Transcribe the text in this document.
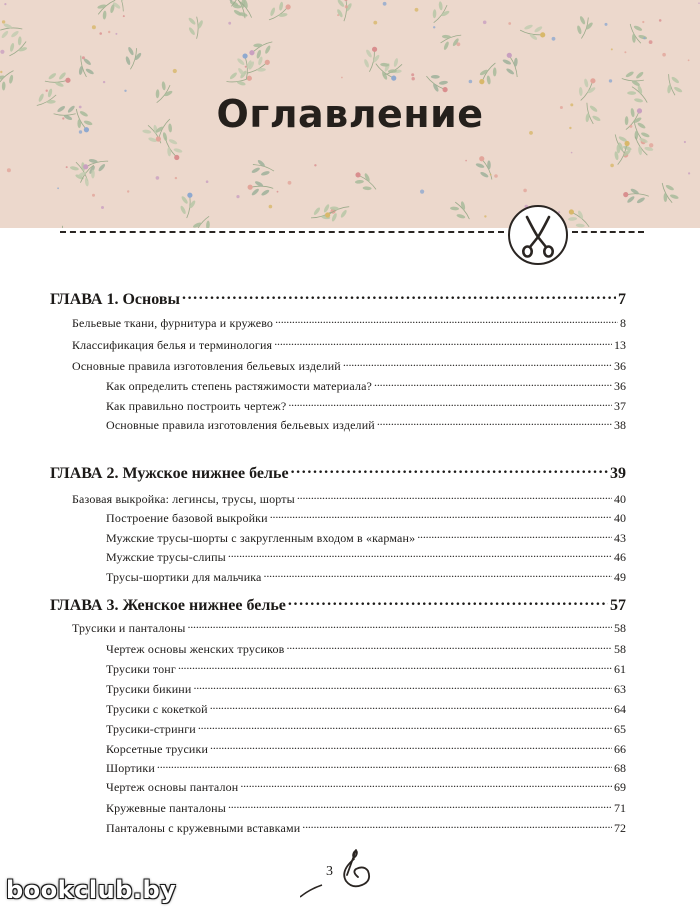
Оглавление
ГЛАВА 1. Основы . . .	7
Бельевые ткани, фурнитура и кружево . . .	8
Классификация белья и терминология . . .	13
Основные правила изготовления бельевых изделий . . .	36
Как определить степень растяжимости материала? . . .	36
Как правильно построить чертеж? . . .	37
Основные правила изготовления бельевых изделий . . .	38
ГЛАВА 2. Мужское нижнее белье . . .	39
Базовая выкройка: легинсы, трусы, шорты . . .	40
Построение базовой выкройки . . .	40
Мужские трусы-шорты с закругленным входом в «карман» . . .	43
Мужские трусы-слипы . . .	46
Трусы-шортики для мальчика . . .	49
ГЛАВА 3. Женское нижнее белье . . .	57
Трусики и панталоны . . .	58
Чертеж основы женских трусиков . . .	58
Трусики тонг . . .	61
Трусики бикини . . .	63
Трусики с кокеткой . . .	64
Трусики-стринги . . .	65
Корсетные трусики . . .	66
Шортики . . .	68
Чертеж основы панталон . . .	69
Кружевные панталоны . . .	71
Панталоны с кружевными вставками . . .	72
3
bookclub.by
